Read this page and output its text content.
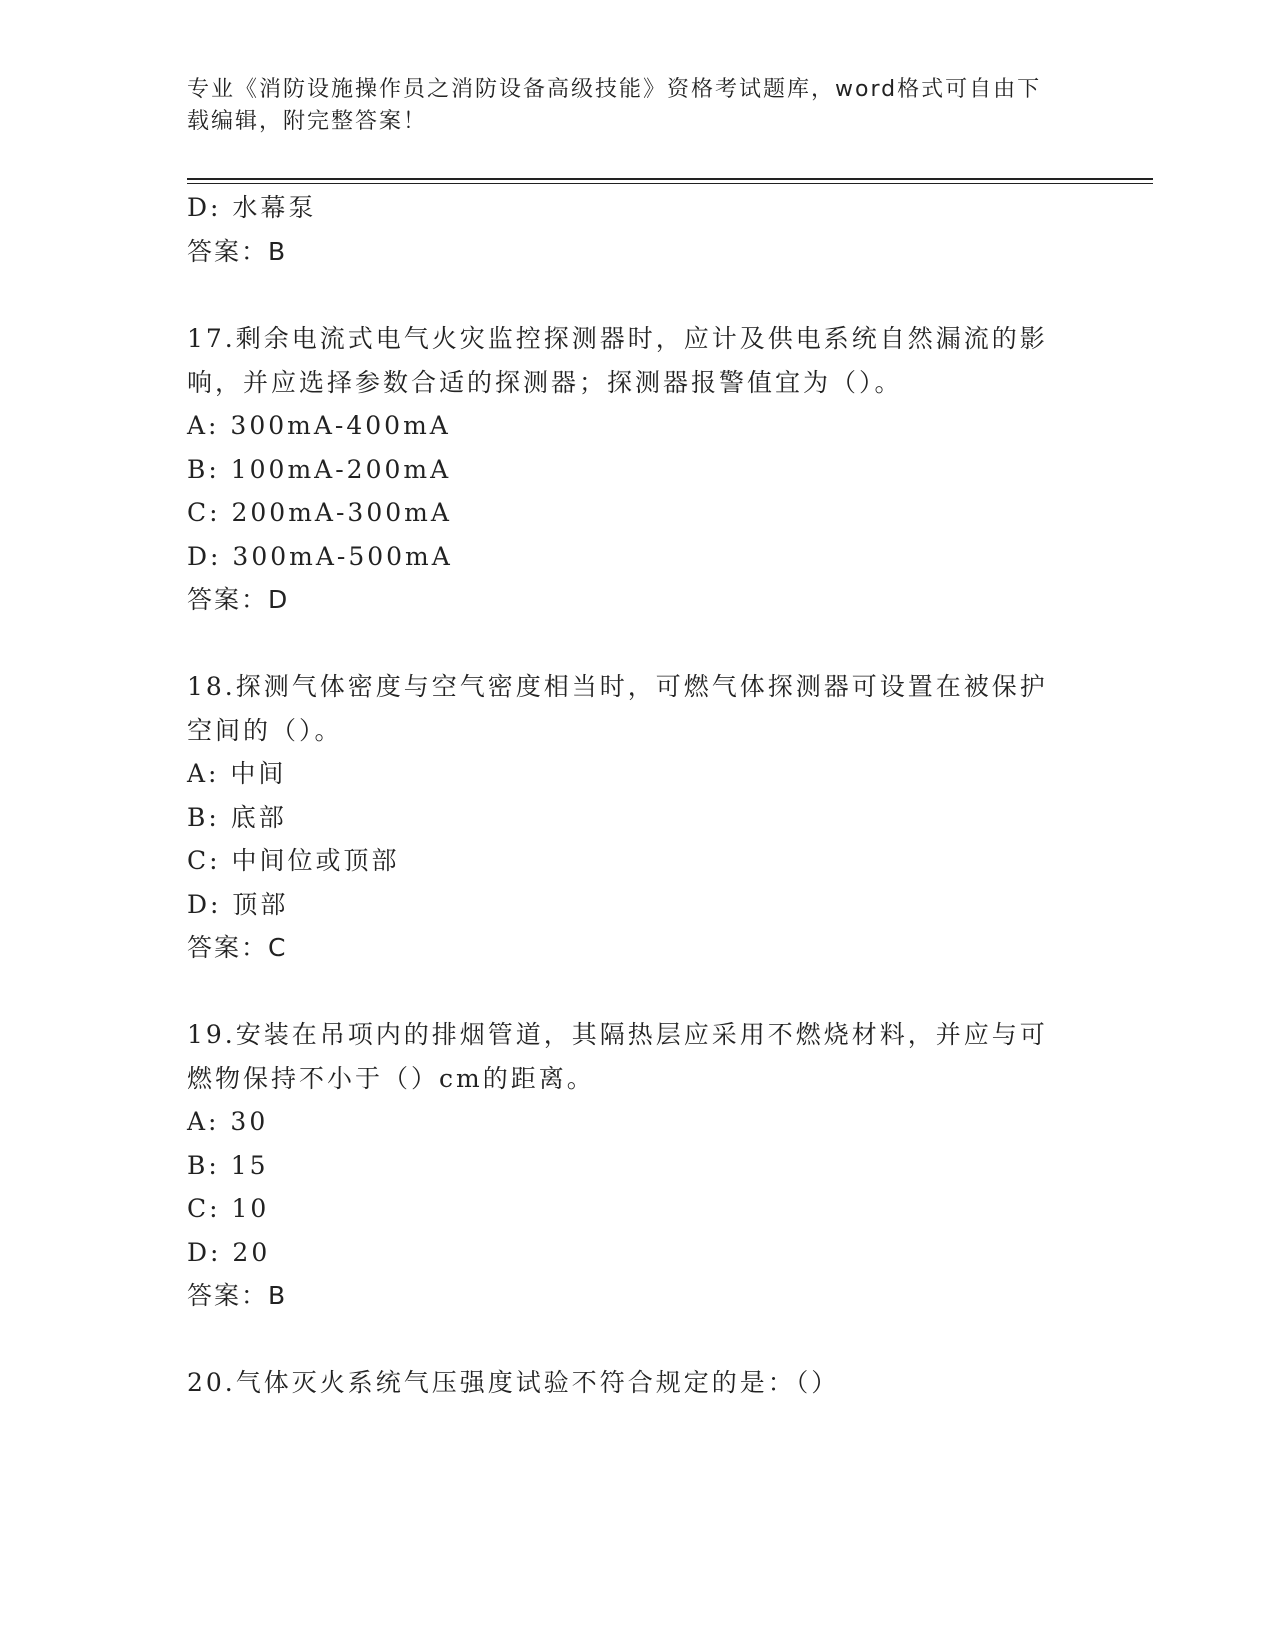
专业《消防设施操作员之消防设备高级技能》资格考试题库，word格式可自由下
载编辑，附完整答案！
D: 水幕泵
答案：B
17.剩余电流式电气火灾监控探测器时，应计及供电系统自然漏流的影
响，并应选择参数合适的探测器；探测器报警值宜为（）。
A: 300mA-400mA
B: 100mA-200mA
C: 200mA-300mA
D: 300mA-500mA
答案：D
18.探测气体密度与空气密度相当时，可燃气体探测器可设置在被保护
空间的（）。
A: 中间
B: 底部
C: 中间位或顶部
D: 顶部
答案：C
19.安装在吊项内的排烟管道，其隔热层应采用不燃烧材料，并应与可
燃物保持不小于（）cm的距离。
A: 30
B: 15
C: 10
D: 20
答案：B
20.气体灭火系统气压强度试验不符合规定的是：（）
